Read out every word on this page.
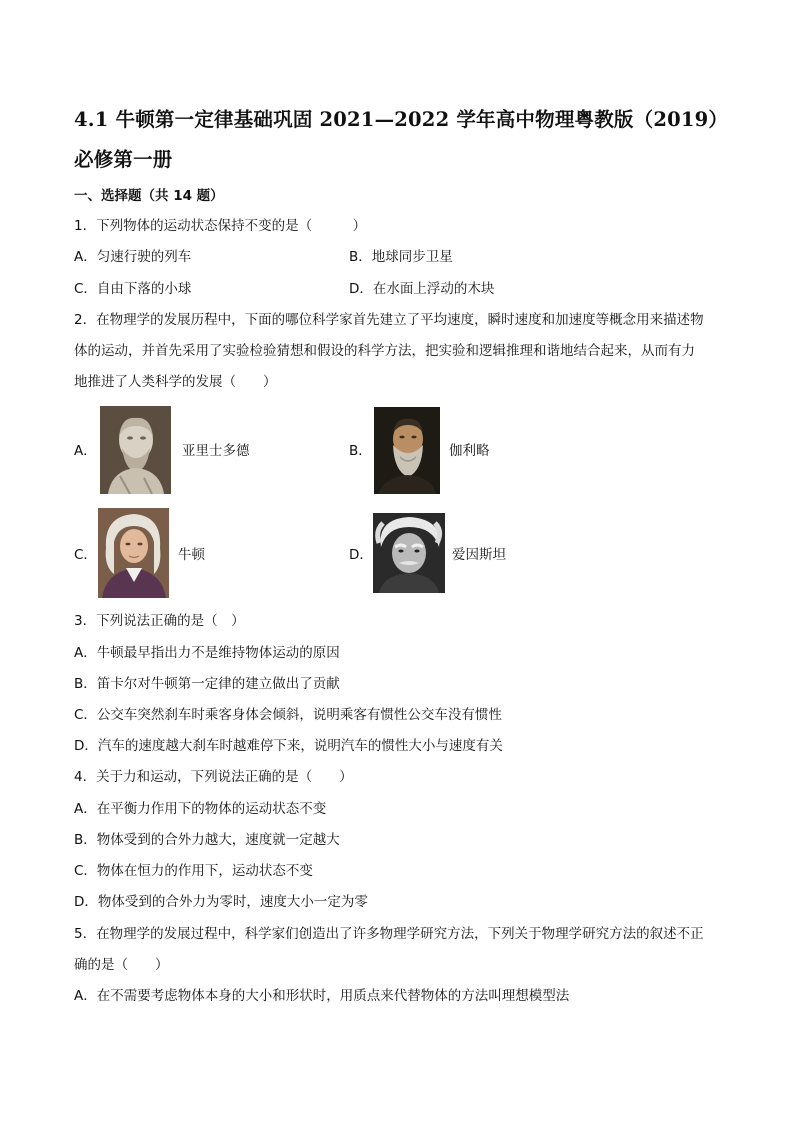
4.1 牛顿第一定律基础巩固 2021—2022 学年高中物理粤教版（2019）
必修第一册
一、选择题（共 14 题）
1．下列物体的运动状态保持不变的是（　　　）
A．匀速行驶的列车	B．地球同步卫星
C．自由下落的小球	D．在水面上浮动的木块
2．在物理学的发展历程中，下面的哪位科学家首先建立了平均速度，瞬时速度和加速度等概念用来描述物
体的运动，并首先采用了实验检验猜想和假设的科学方法，把实验和逻辑推理和谐地结合起来，从而有力
地推进了人类科学的发展（　　）
A．	亚里士多德	B．	伽利略
C．	牛顿	D．	爱因斯坦
3．下列说法正确的是（　）
A．牛顿最早指出力不是维持物体运动的原因
B．笛卡尔对牛顿第一定律的建立做出了贡献
C．公交车突然刹车时乘客身体会倾斜，说明乘客有惯性公交车没有惯性
D．汽车的速度越大刹车时越难停下来，说明汽车的惯性大小与速度有关
4．关于力和运动，下列说法正确的是（　　）
A．在平衡力作用下的物体的运动状态不变
B．物体受到的合外力越大，速度就一定越大
C．物体在恒力的作用下，运动状态不变
D．物体受到的合外力为零时，速度大小一定为零
5．在物理学的发展过程中，科学家们创造出了许多物理学研究方法，下列关于物理学研究方法的叙述不正
确的是（　　）
A．在不需要考虑物体本身的大小和形状时，用质点来代替物体的方法叫理想模型法
